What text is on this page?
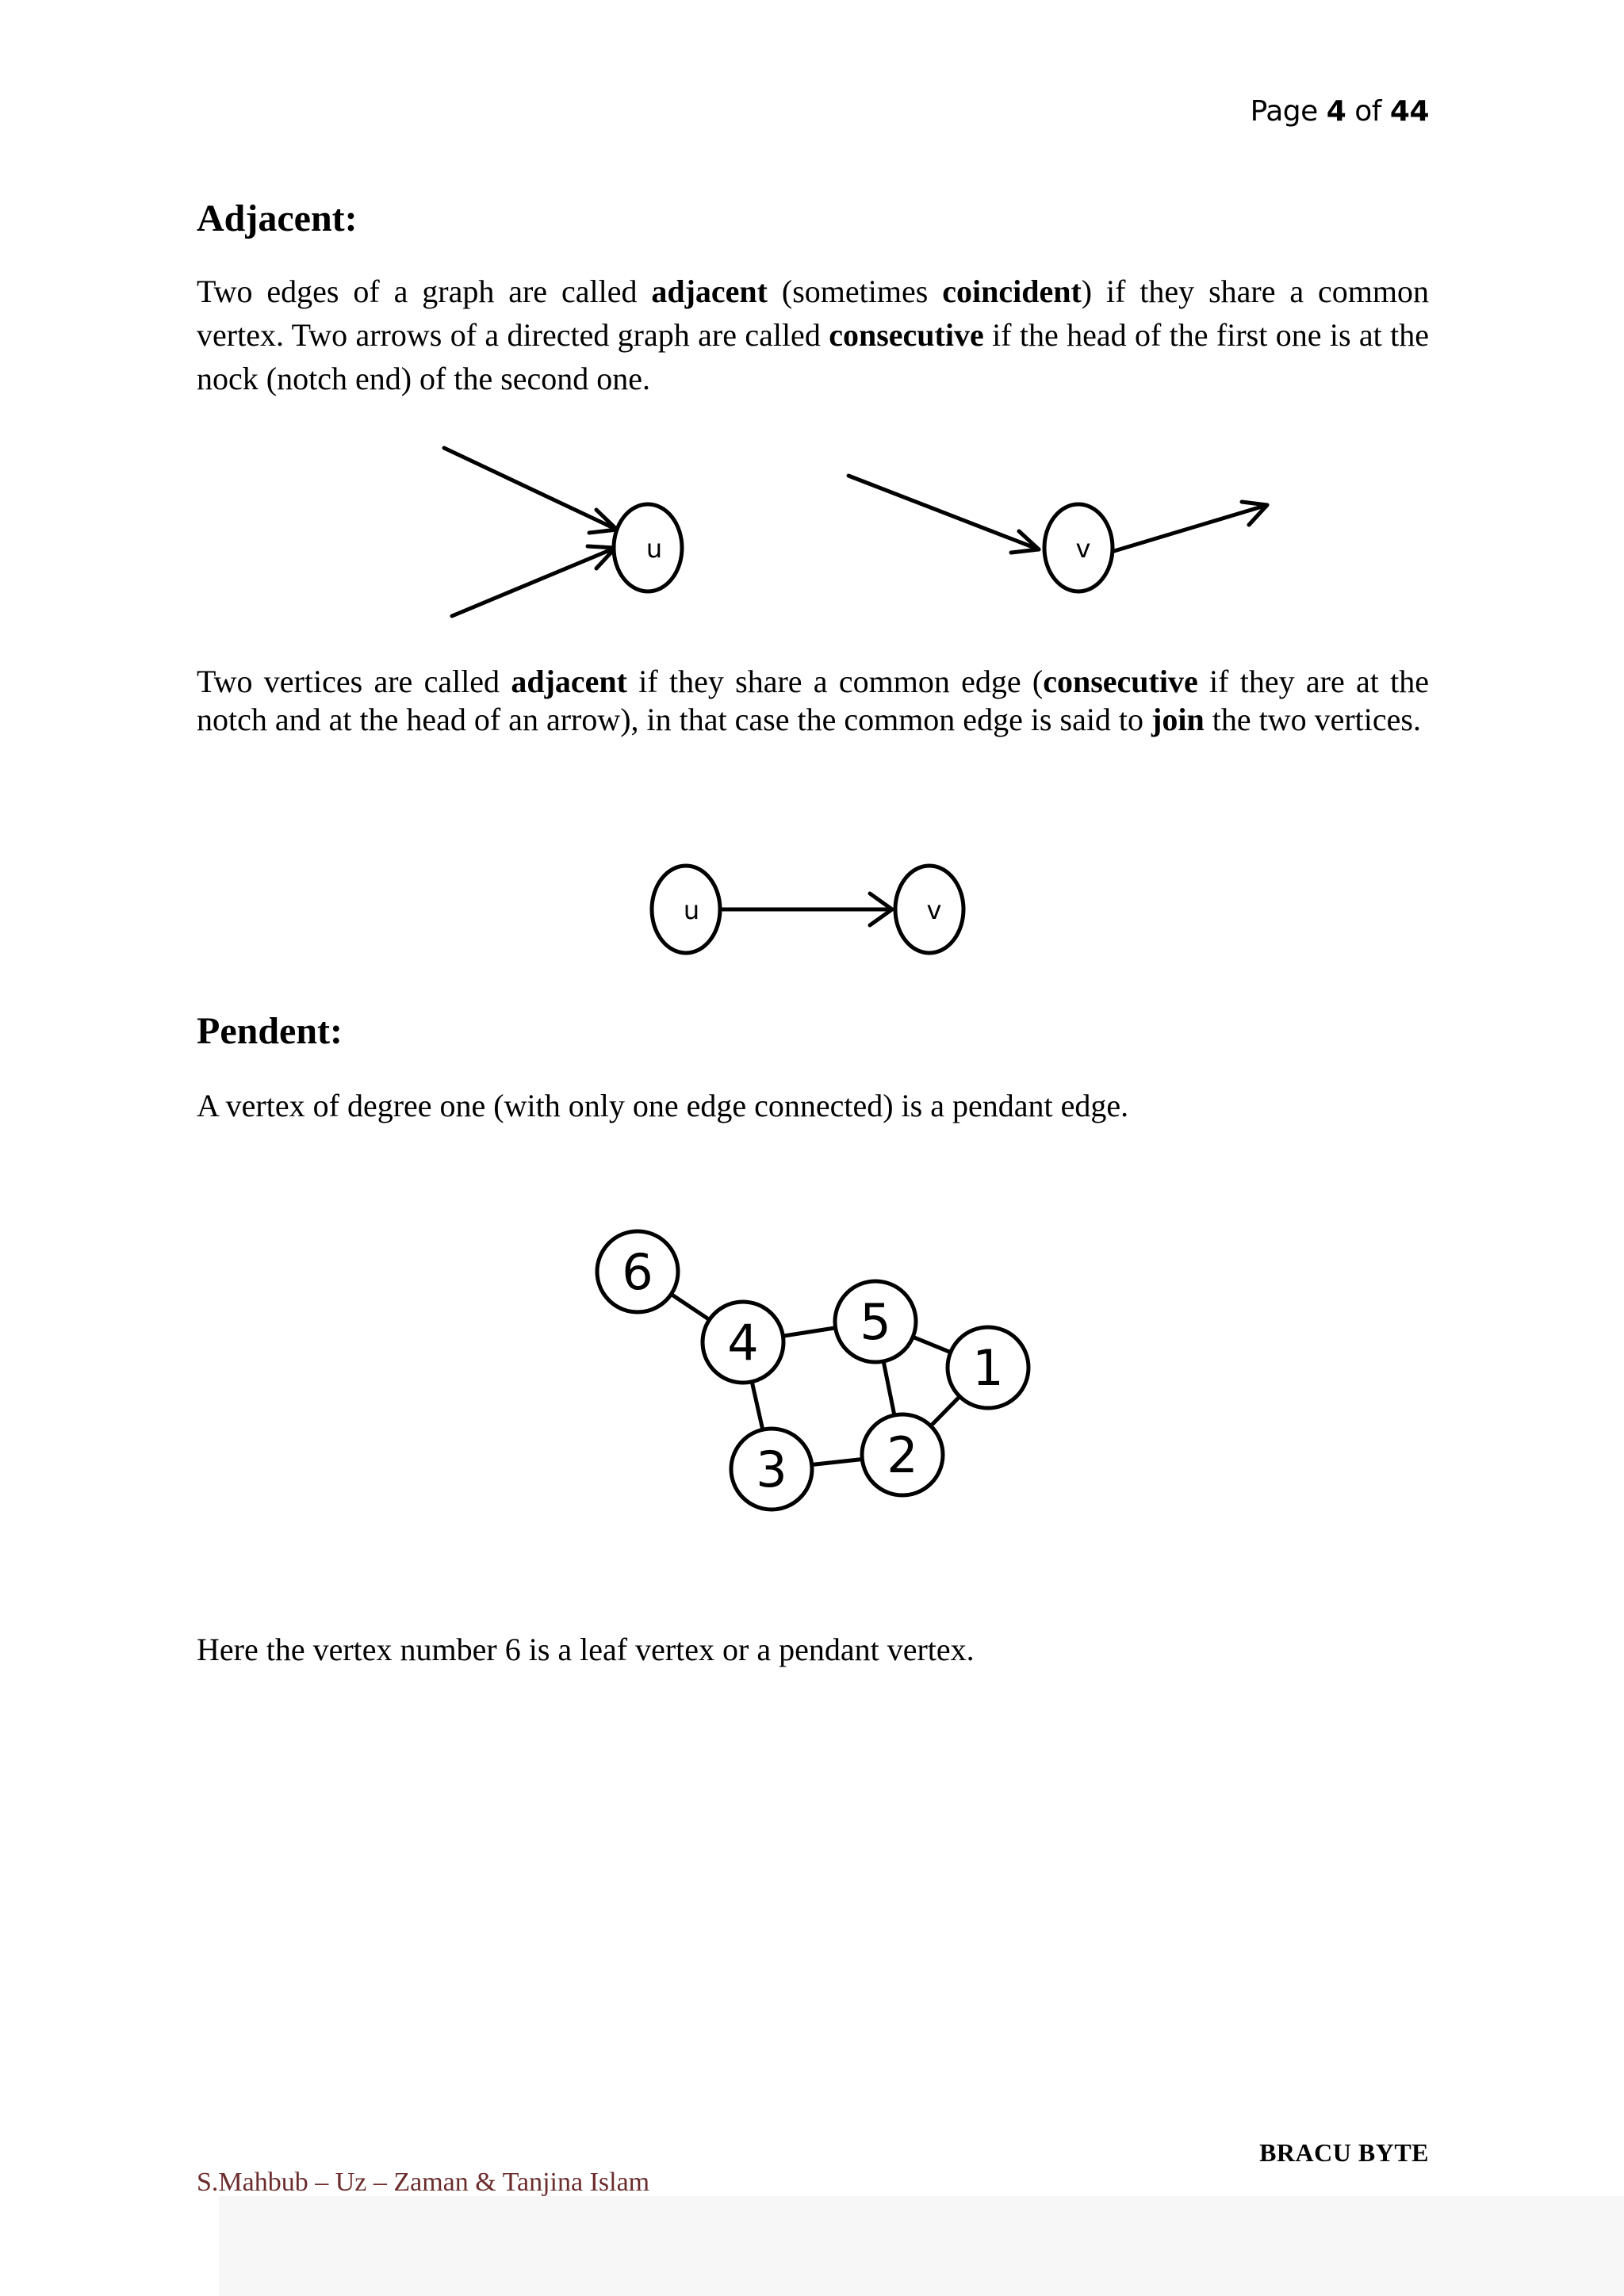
Page 4 of 44
Adjacent:

Two edges of a graph are called adjacent (sometimes coincident) if they share a common vertex. Two arrows of a directed graph are called consecutive if the head of the first one is at the nock (notch end) of the second one.

u	v

Two vertices are called adjacent if they share a common edge (consecutive if they are at the notch and at the head of an arrow), in that case the common edge is said to join the two vertices.

u	v
Pendent:

A vertex of degree one (with only one edge connected) is a pendant edge.

6
4 5
1
3 2

Here the vertex number 6 is a leaf vertex or a pendant vertex.

BRACU BYTE
S.Mahbub – Uz – Zaman & Tanjina Islam
